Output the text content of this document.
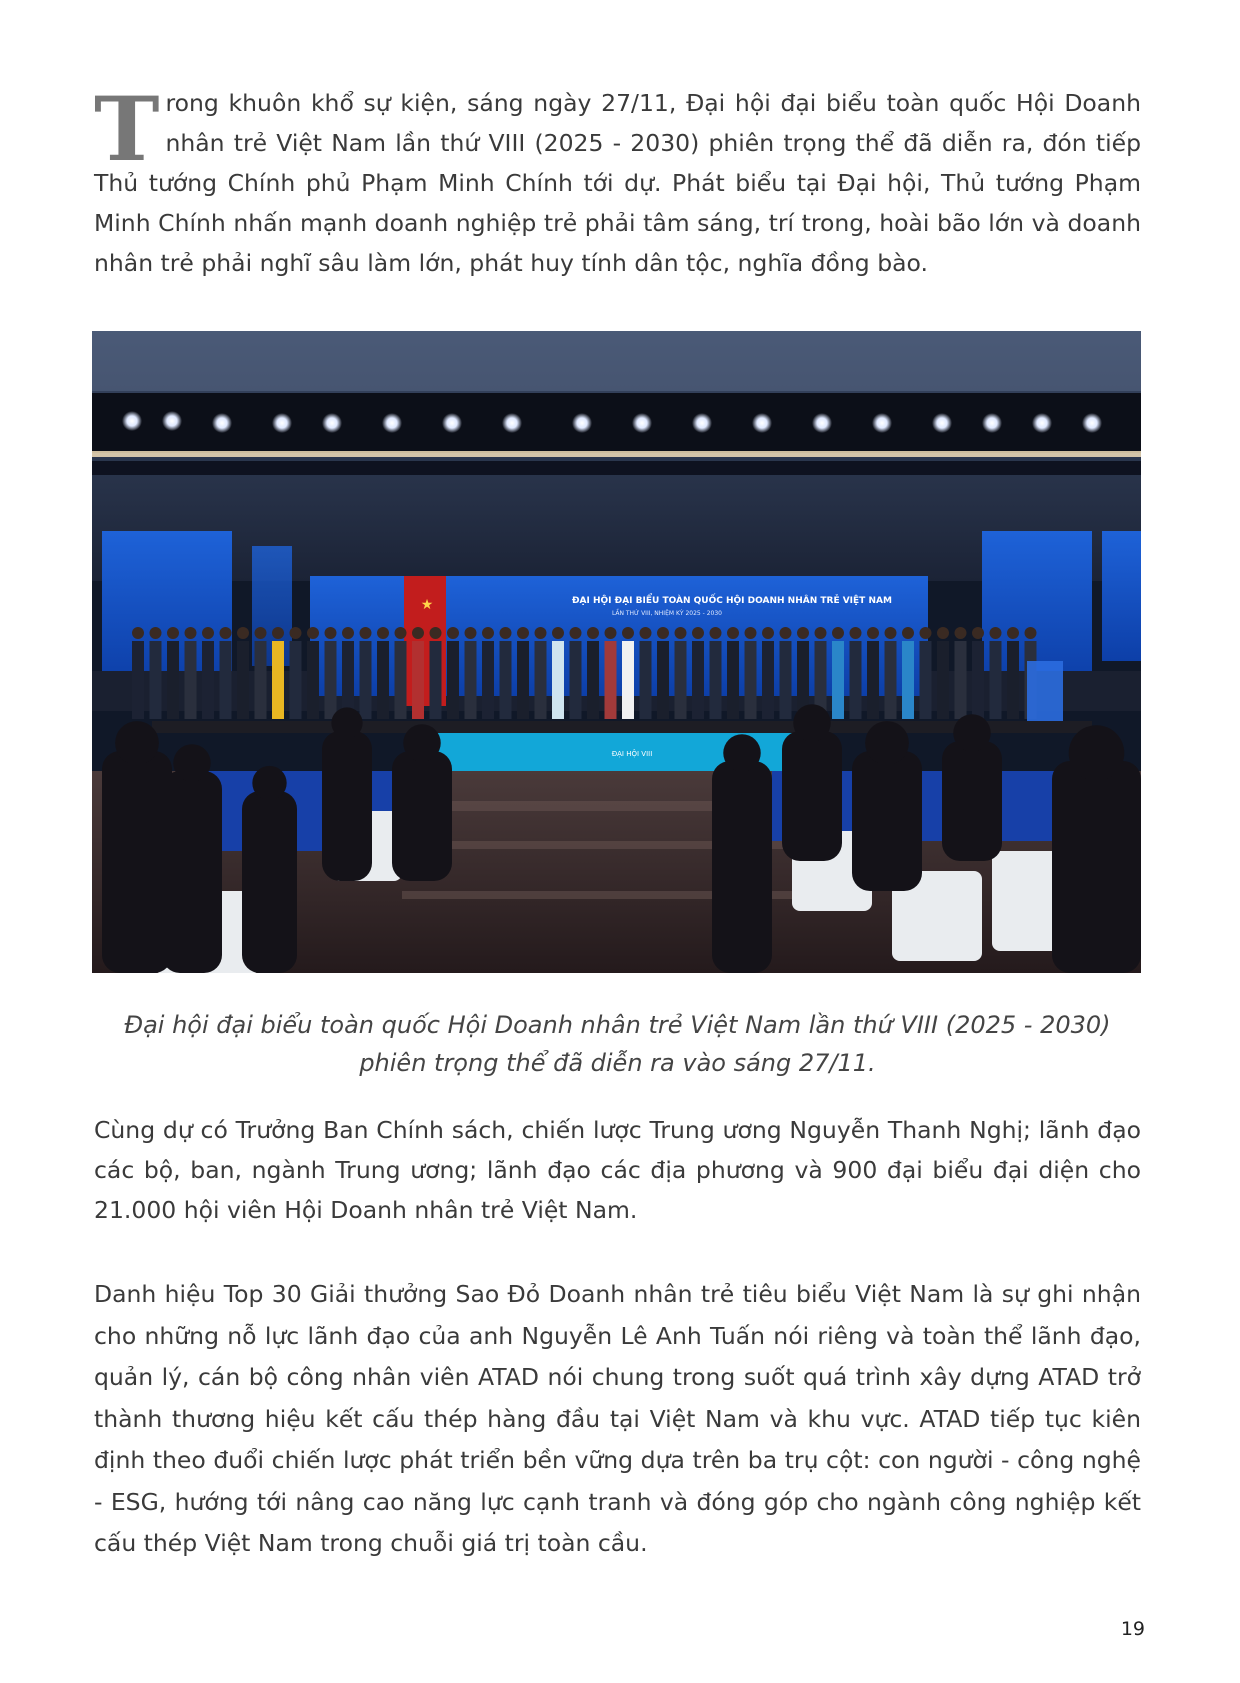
Trong khuôn khổ sự kiện, sáng ngày 27/11, Đại hội đại biểu toàn quốc Hội Doanh nhân trẻ Việt Nam lần thứ VIII (2025 - 2030) phiên trọng thể đã diễn ra, đón tiếp Thủ tướng Chính phủ Phạm Minh Chính tới dự. Phát biểu tại Đại hội, Thủ tướng Phạm Minh Chính nhấn mạnh doanh nghiệp trẻ phải tâm sáng, trí trong, hoài bão lớn và doanh nhân trẻ phải nghĩ sâu làm lớn, phát huy tính dân tộc, nghĩa đồng bào.

★	ĐẠI HỘI ĐẠI BIỂU TOÀN QUỐC HỘI DOANH NHÂN TRẺ VIỆT NAM
LẦN THỨ VIII, NHIỆM KỲ 2025 - 2030
ĐẠI HỘI VIII

Đại hội đại biểu toàn quốc Hội Doanh nhân trẻ Việt Nam lần thứ VIII (2025 - 2030)
phiên trọng thể đã diễn ra vào sáng 27/11.

Cùng dự có Trưởng Ban Chính sách, chiến lược Trung ương Nguyễn Thanh Nghị; lãnh đạo các bộ, ban, ngành Trung ương; lãnh đạo các địa phương và 900 đại biểu đại diện cho 21.000 hội viên Hội Doanh nhân trẻ Việt Nam.

Danh hiệu Top 30 Giải thưởng Sao Đỏ Doanh nhân trẻ tiêu biểu Việt Nam là sự ghi nhận cho những nỗ lực lãnh đạo của anh Nguyễn Lê Anh Tuấn nói riêng và toàn thể lãnh đạo, quản lý, cán bộ công nhân viên ATAD nói chung trong suốt quá trình xây dựng ATAD trở thành thương hiệu kết cấu thép hàng đầu tại Việt Nam và khu vực. ATAD tiếp tục kiên định theo đuổi chiến lược phát triển bền vững dựa trên ba trụ cột: con người - công nghệ - ESG, hướng tới nâng cao năng lực cạnh tranh và đóng góp cho ngành công nghiệp kết cấu thép Việt Nam trong chuỗi giá trị toàn cầu.

19
